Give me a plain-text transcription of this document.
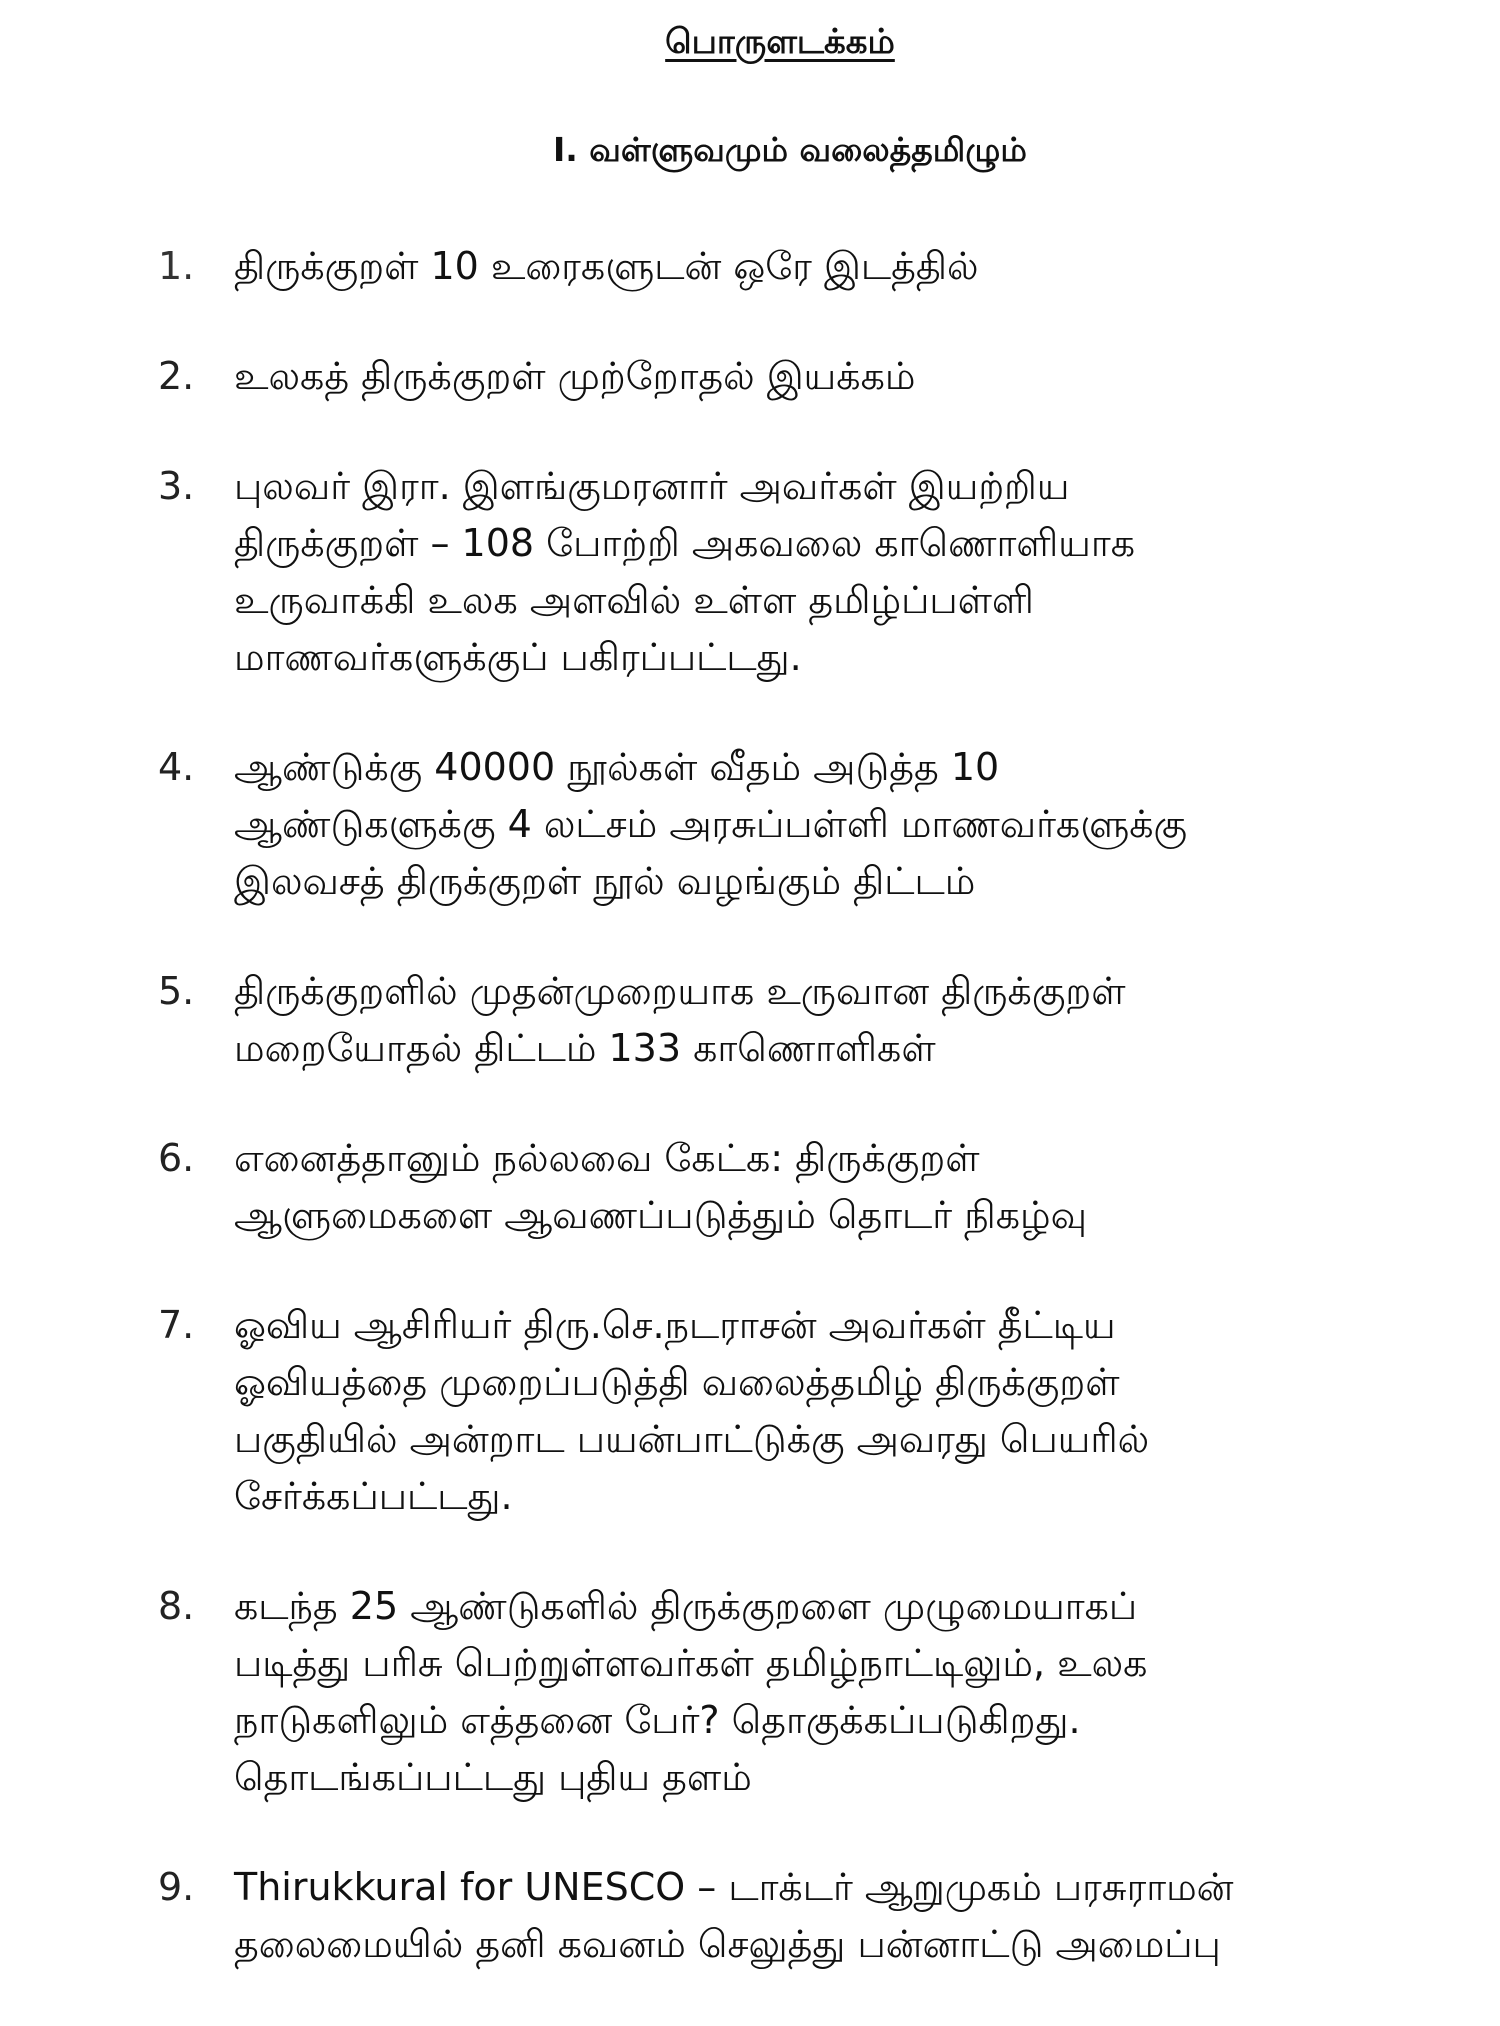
பொருளடக்கம்
I. வள்ளுவமும் வலைத்தமிழும்
1.	திருக்குறள் 10 உரைகளுடன் ஒரே இடத்தில்
2.	உலகத் திருக்குறள் முற்றோதல் இயக்கம்
3.	புலவர் இரா. இளங்குமரனார் அவர்கள் இயற்றிய
திருக்குறள் – 108 போற்றி அகவலை காணொளியாக
உருவாக்கி உலக அளவில் உள்ள தமிழ்ப்பள்ளி
மாணவர்களுக்குப் பகிரப்பட்டது.
4.	ஆண்டுக்கு 40000 நூல்கள் வீதம் அடுத்த 10
ஆண்டுகளுக்கு 4 லட்சம் அரசுப்பள்ளி மாணவர்களுக்கு
இலவசத் திருக்குறள் நூல் வழங்கும் திட்டம்
5.	திருக்குறளில் முதன்முறையாக உருவான திருக்குறள்
மறையோதல் திட்டம் 133 காணொளிகள்
6.	எனைத்தானும் நல்லவை கேட்க: திருக்குறள்
ஆளுமைகளை ஆவணப்படுத்தும் தொடர் நிகழ்வு
7.	ஓவிய ஆசிரியர் திரு.செ.நடராசன் அவர்கள் தீட்டிய
ஓவியத்தை முறைப்படுத்தி வலைத்தமிழ் திருக்குறள்
பகுதியில் அன்றாட பயன்பாட்டுக்கு அவரது பெயரில்
சேர்க்கப்பட்டது.
8.	கடந்த 25 ஆண்டுகளில் திருக்குறளை முழுமையாகப்
படித்து பரிசு பெற்றுள்ளவர்கள் தமிழ்நாட்டிலும், உலக
நாடுகளிலும் எத்தனை பேர்? தொகுக்கப்படுகிறது.
தொடங்கப்பட்டது புதிய தளம்
9.	Thirukkural for UNESCO – டாக்டர் ஆறுமுகம் பரசுராமன்
தலைமையில் தனி கவனம் செலுத்து பன்னாட்டு அமைப்பு
